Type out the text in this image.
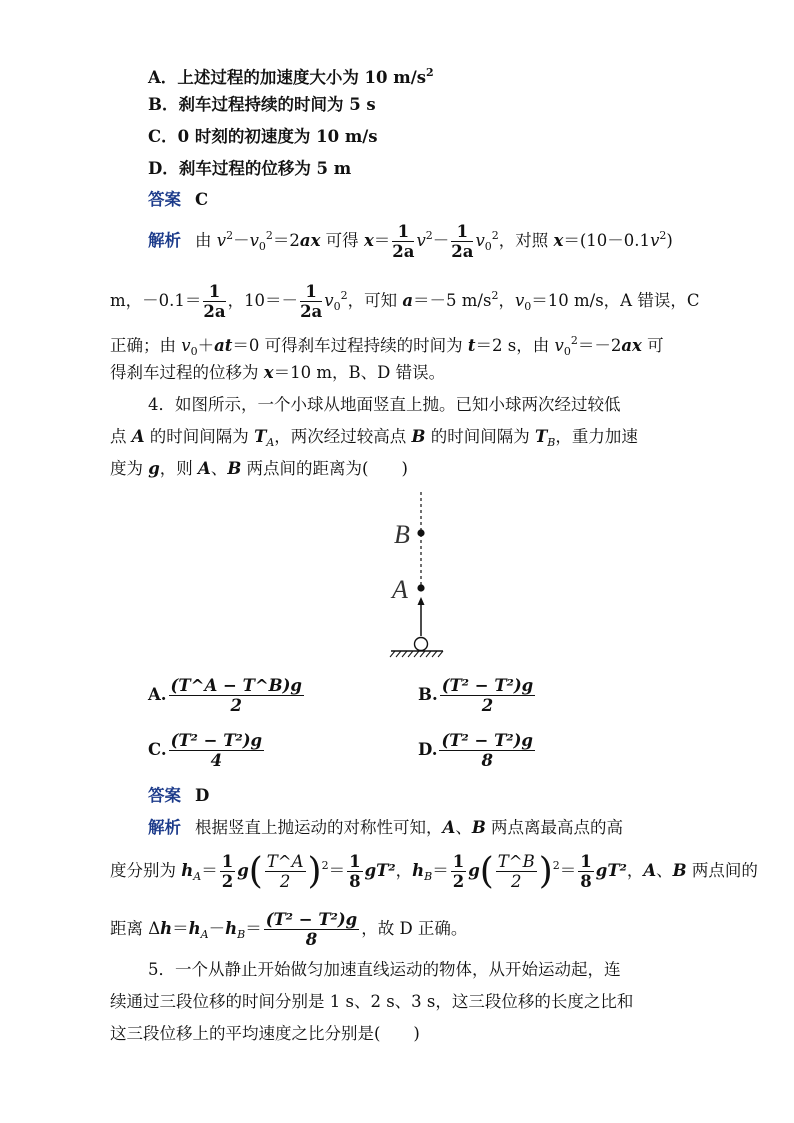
A．上述过程的加速度大小为 10 $m/s^2$
B．刹车过程持续的时间为 5 s
C．0 时刻的初速度为 10 m/s
D．刹车过程的位移为 5 m
答案 C
解析 由 $v^2-v_0^2=2ax$ 可得 $x= \frac{1}{2a} v^2- \frac{1}{2a} v_0^2$，对照 $x=(10-0.1v^2)$
m，$-0.1= \frac{1}{2a}$ ，$10=- \frac{1}{2a} v_0^2$，可知 a＝－5 $m/s^2$，$v_0=10$ m/s，A 错误，C
正确；由 $v_0+at=0$ 可得刹车过程持续的时间为 t＝2 s，由 $v_0^2=-2ax$ 可
得刹车过程的位移为 x＝10 m，B、D 错误。
4．如图所示，一个小球从地面竖直上抛。已知小球两次经过较低
点 A 的时间间隔为 $T_A$，两次经过较高点 B 的时间间隔为 $T_B$，重力加速
度为 g，则 A、B 两点间的距离为(　　)
B
A
A. $\frac{(T\^{}A - T\^{}B)g}{2}$	B. $\frac{\text{(T² − T²)g}}{2}$
C. $\frac{\text{(T² − T²)g}}{4}$	D. $\frac{\text{(T² − T²)g}}{8}$
答案 D
解析 根据竖直上抛运动的对称性可知，A、B 两点离最高点的高
度分别为 $h_A= \frac{1}{2} g( \frac{T\^{}A}{2} )^2= \frac{1}{8} gT^2$，$h_B= \frac{1}{2} g( \frac{T\^{}B}{2} )^2= \frac{1}{8} gT^2$，A、B 两点间的
距离 $\Delta h=h_A-h_B= \frac{\text{(T² − T²)g}}{8}$ ，故 D 正确。
5．一个从静止开始做匀加速直线运动的物体，从开始运动起，连
续通过三段位移的时间分别是 1 s、2 s、3 s，这三段位移的长度之比和
这三段位移上的平均速度之比分别是(　　)
